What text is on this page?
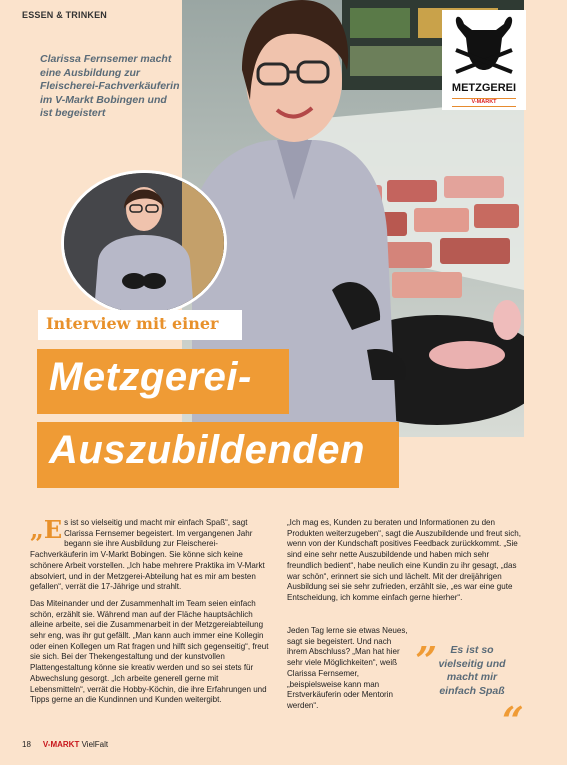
ESSEN & TRINKEN
Clarissa Fernsemer macht eine Ausbildung zur Fleischerei-Fachverkäuferin im V-Markt Bobingen und ist begeistert
METZGEREI
V-MARKT
Interview mit einer
Metzgerei-
Auszubildenden

„E s ist so vielseitig und macht mir einfach Spaß“, sagt Clarissa Fernsemer begeistert. Im vergangenen Jahr begann sie ihre Ausbildung zur Fleischerei-Fachverkäuferin im V-Markt Bobingen. Sie könne sich keine schönere Arbeit vorstellen. „Ich habe mehrere Praktika im V-Markt absolviert, und in der Metzgerei-Abteilung hat es mir am besten gefallen“, verrät die 17-Jährige und strahlt.

Das Miteinander und der Zusammenhalt im Team seien einfach schön, erzählt sie. Während man auf der Fläche hauptsächlich alleine arbeite, sei die Zusammenarbeit in der Metzgereiabteilung sehr eng, was ihr gut gefällt. „Man kann auch immer eine Kollegin oder einen Kollegen um Rat fragen und hilft sich gegenseitig“, freut sie sich. Bei der Thekengestaltung und der kunstvollen Plattengestaltung könne sie kreativ werden und so sei stets für Abwechslung gesorgt. „Ich arbeite generell gerne mit Lebensmitteln“, verrät die Hobby-Köchin, die ihre Erfahrungen und Tipps gerne an die Kundinnen und Kunden weitergibt.

„Ich mag es, Kunden zu beraten und Informationen zu den Produkten weiterzugeben“, sagt die Auszubildende und freut sich, wenn von der Kundschaft positives Feedback zurückkommt. „Sie sind eine sehr nette Auszubildende und haben mich sehr freundlich bedient“, habe neulich eine Kundin zu ihr gesagt, „das war schön“, erinnert sie sich und lächelt. Mit der dreijährigen Ausbildung sei sie sehr zufrieden, erzählt sie, „es war eine gute Entscheidung, ich komme einfach gerne hierher“.

Jeden Tag lerne sie etwas Neues, sagt sie begeistert. Und nach ihrem Abschluss? „Man hat hier sehr viele Möglichkeiten“, weiß Clarissa Fernsemer, „beispielsweise kann man Erstverkäuferin oder Mentorin werden“.

„	Es ist so vielseitig und macht mir einfach Spaß
“
18 V-MARKT VielFalt
